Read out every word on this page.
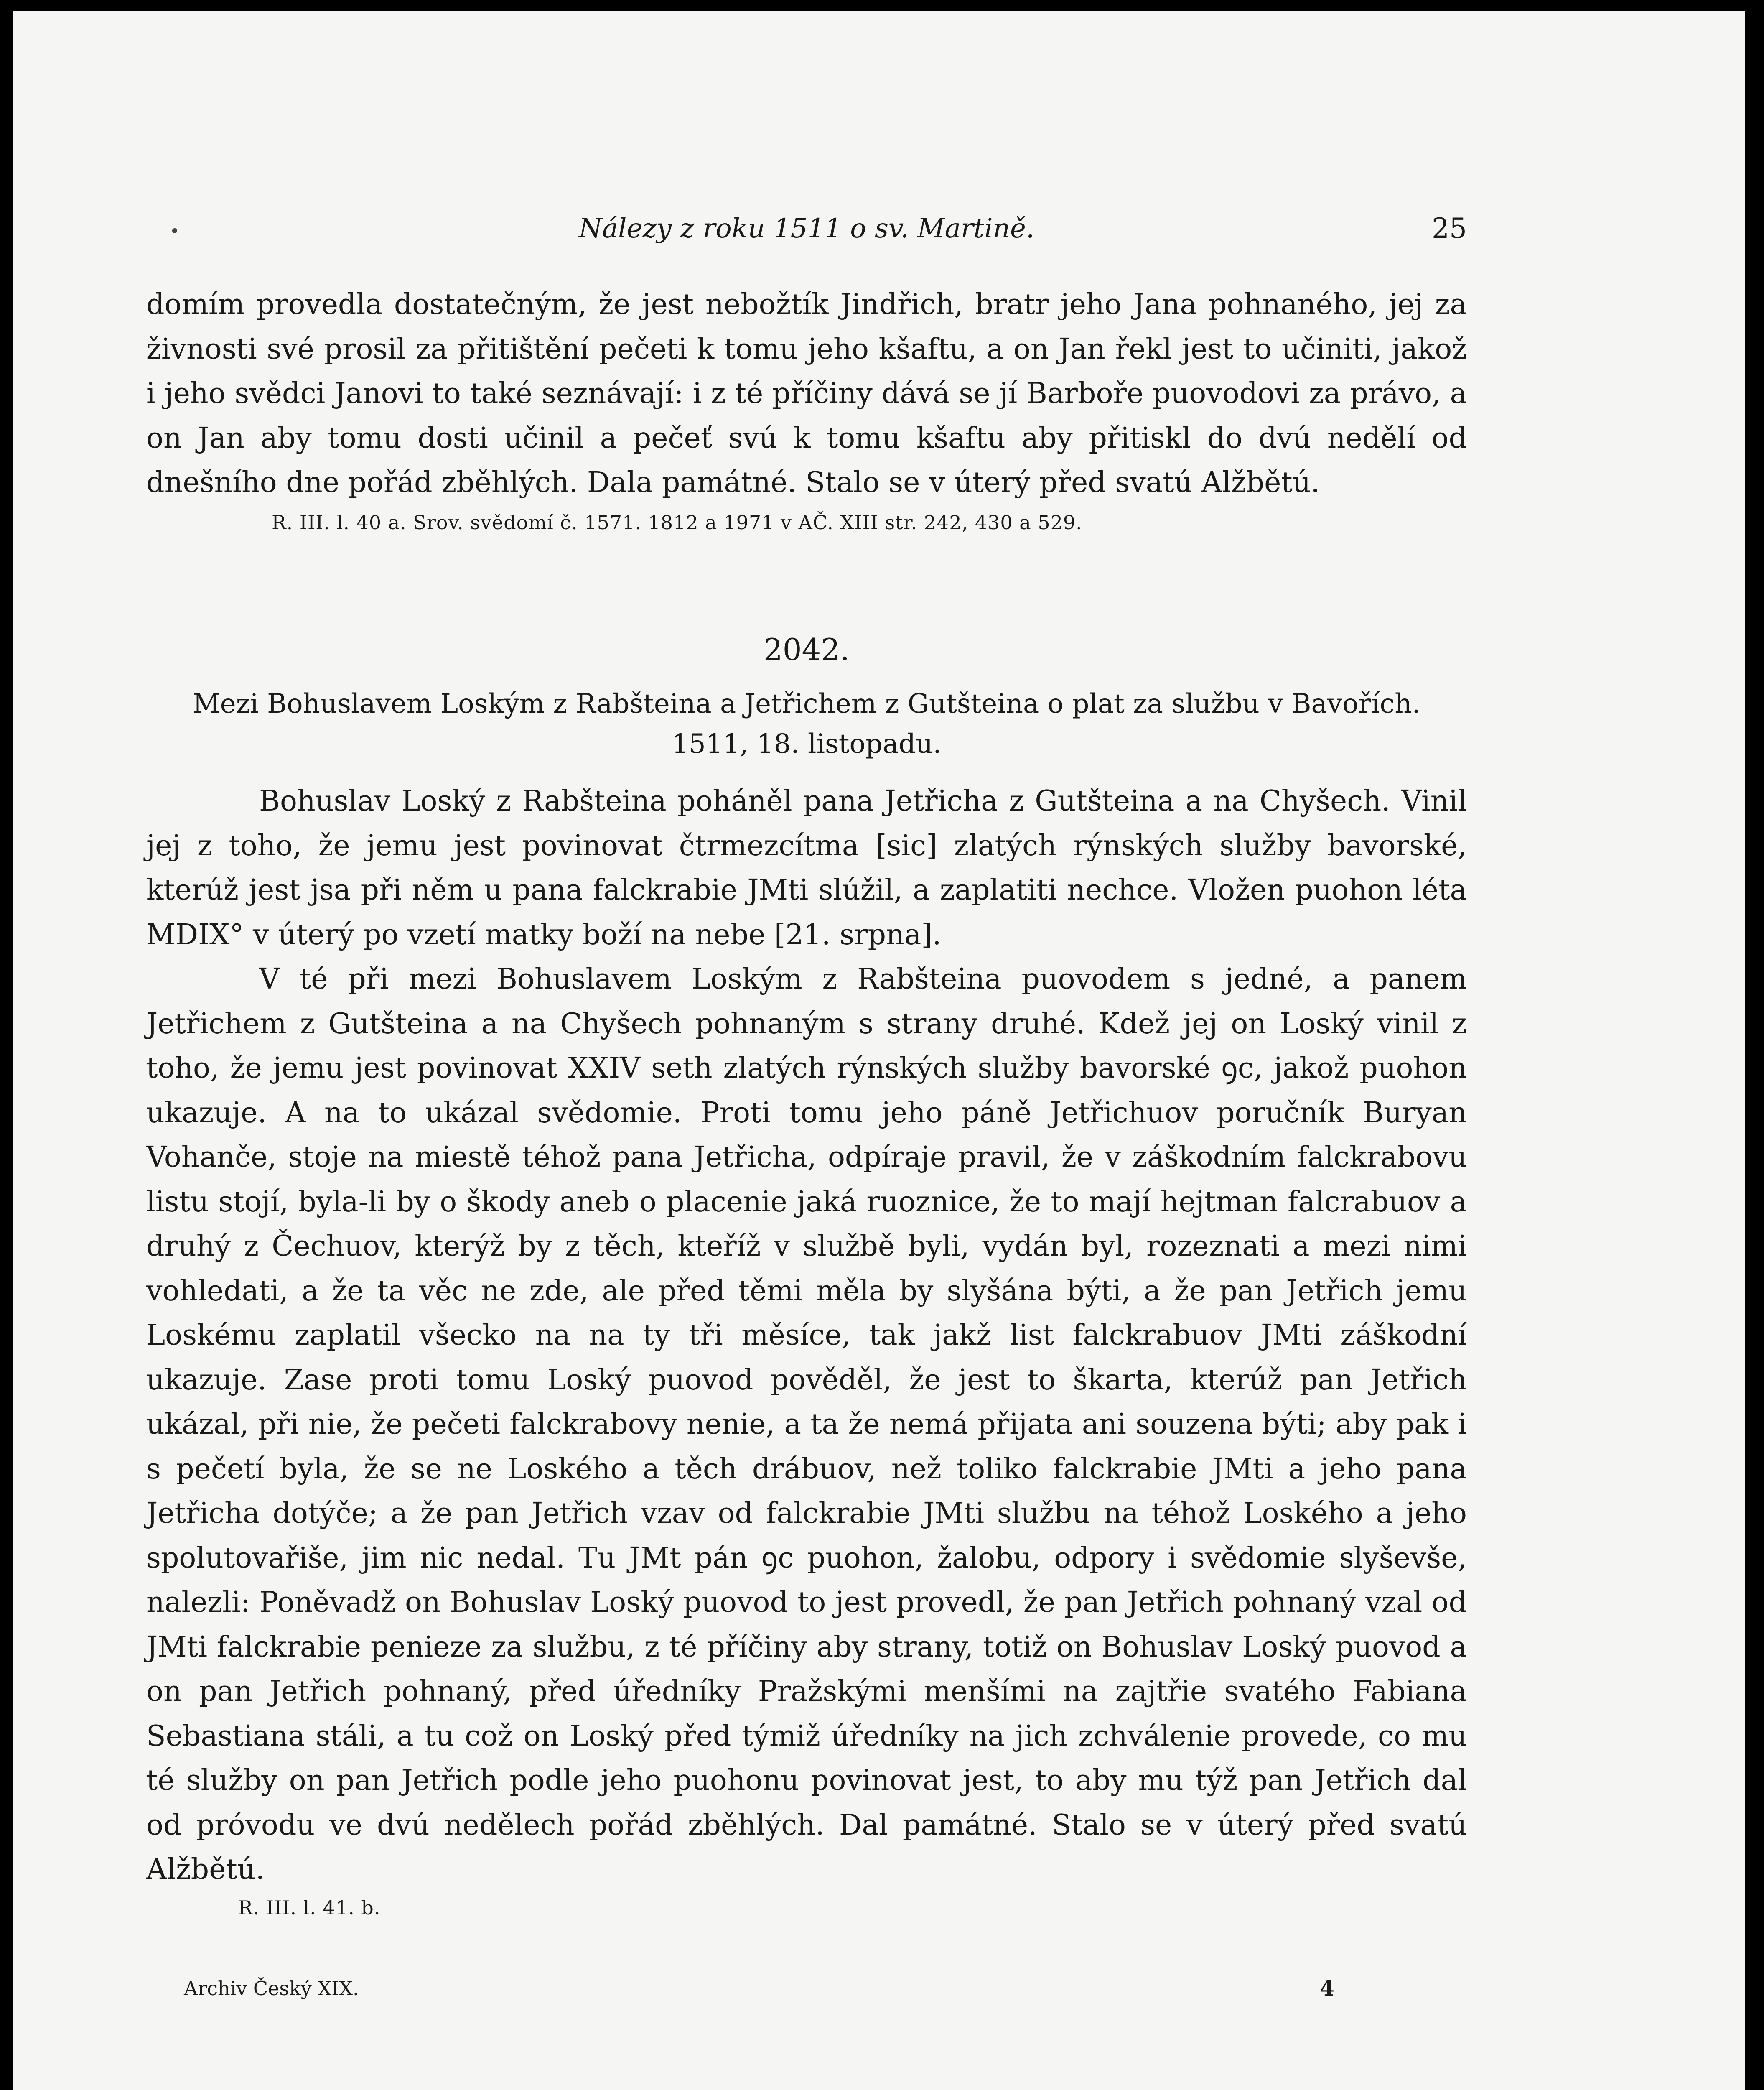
Nálezy z roku 1511 o sv. Martině.	25

domím provedla dostatečným, že jest nebožtík Jindřich, bratr jeho Jana pohnaného, jej za živnosti své prosil za přitištění pečeti k tomu jeho kšaftu, a on Jan řekl jest to učiniti, jakož i jeho svědci Janovi to také seznávají: i z té příčiny dává se jí Barboře puovodovi za právo, a on Jan aby tomu dosti učinil a pečeť svú k tomu kšaftu aby přitiskl do dvú nedělí od dnešního dne pořád zběhlých. Dala památné. Stalo se v úterý před svatú Alžbětú.

R. III. l. 40 a. Srov. svědomí č. 1571. 1812 a 1971 v AČ. XIII str. 242, 430 a 529.

2042.
Mezi Bohuslavem Loským z Rabšteina a Jetřichem z Gutšteina o plat za službu v Bavořích.
1511, 18. listopadu.

Bohuslav Loský z Rabšteina poháněl pana Jetřicha z Gutšteina a na Chyšech. Vinil jej z toho, že jemu jest povinovat čtrmezcítma [sic] zlatých rýnských služby bavorské, kterúž jest jsa při něm u pana falckrabie JMti slúžil, a zaplatiti nechce. Vložen puohon léta MDIX° v úterý po vzetí matky boží na nebe [21. srpna].

V té při mezi Bohuslavem Loským z Rabšteina puovodem s jedné, a panem Jetřichem z Gutšteina a na Chyšech pohnaným s strany druhé. Kdež jej on Loský vinil z toho, že jemu jest povinovat XXIV seth zlatých rýnských služby bavorské ꝯc, jakož puohon ukazuje. A na to ukázal svědomie. Proti tomu jeho páně Jetřichuov poručník Buryan Vohanče, stoje na miestě téhož pana Jetřicha, odpíraje pravil, že v záškodním falckrabovu listu stojí, byla-li by o škody aneb o placenie jaká ruoznice, že to mají hejtman falcrabuov a druhý z Čechuov, kterýž by z těch, kteříž v službě byli, vydán byl, rozeznati a mezi nimi vohledati, a že ta věc ne zde, ale před těmi měla by slyšána býti, a že pan Jetřich jemu Loskému zaplatil všecko na na ty tři měsíce, tak jakž list falckrabuov JMti záškodní ukazuje. Zase proti tomu Loský puovod pověděl, že jest to škarta, kterúž pan Jetřich ukázal, při nie, že pečeti falckrabovy nenie, a ta že nemá přijata ani souzena býti; aby pak i s pečetí byla, že se ne Loského a těch drábuov, než toliko falckrabie JMti a jeho pana Jetřicha dotýče; a že pan Jetřich vzav od falckrabie JMti službu na téhož Loského a jeho spolutovařiše, jim nic nedal. Tu JMt pán ꝯc puohon, žalobu, odpory i svědomie slyševše, nalezli: Poněvadž on Bohuslav Loský puovod to jest provedl, že pan Jetřich pohnaný vzal od JMti falckrabie penieze za službu, z té příčiny aby strany, totiž on Bohuslav Loský puovod a on pan Jetřich pohnaný, před úředníky Pražskými menšími na zajtřie svatého Fabiana Sebastiana stáli, a tu což on Loský před týmiž úředníky na jich zchválenie provede, co mu té služby on pan Jetřich podle jeho puohonu povinovat jest, to aby mu týž pan Jetřich dal od próvodu ve dvú nedělech pořád zběhlých. Dal památné. Stalo se v úterý před svatú Alžbětú.

R. III. l. 41. b.

Archiv Český XIX.	4
